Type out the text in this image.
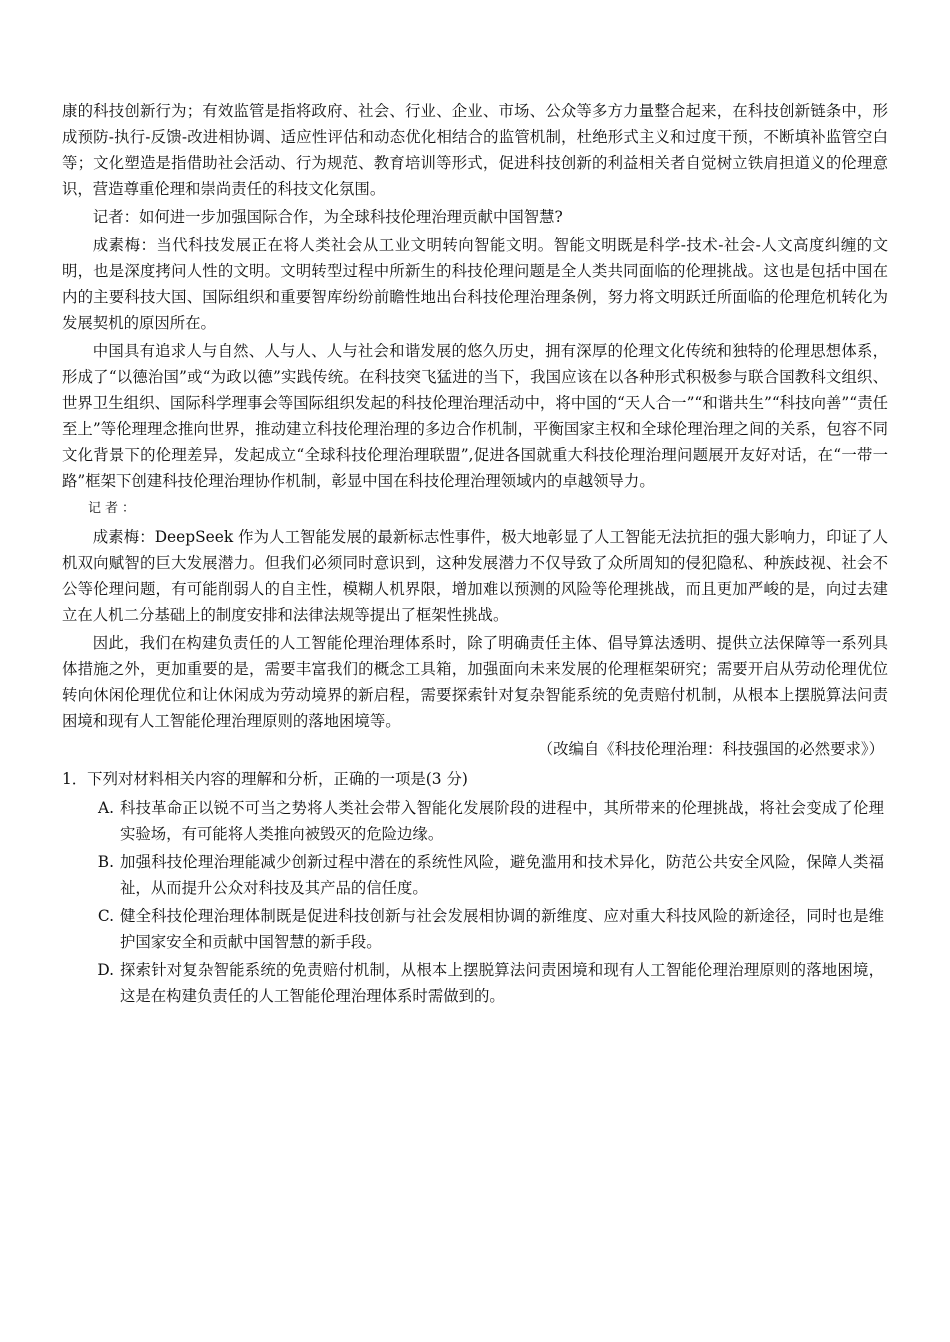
康的科技创新行为；有效监管是指将政府、社会、行业、企业、市场、公众等多方力量整合起来，在科技创新链条中，形成预防-执行-反馈-改进相协调、适应性评估和动态优化相结合的监管机制，杜绝形式主义和过度干预，不断填补监管空白等；文化塑造是指借助社会活动、行为规范、教育培训等形式，促进科技创新的利益相关者自觉树立铁肩担道义的伦理意识，营造尊重伦理和崇尚责任的科技文化氛围。

记者：如何进一步加强国际合作，为全球科技伦理治理贡献中国智慧?

成素梅：当代科技发展正在将人类社会从工业文明转向智能文明。智能文明既是科学-技术-社会-人文高度纠缠的文明，也是深度拷问人性的文明。文明转型过程中所新生的科技伦理问题是全人类共同面临的伦理挑战。这也是包括中国在内的主要科技大国、国际组织和重要智库纷纷前瞻性地出台科技伦理治理条例，努力将文明跃迁所面临的伦理危机转化为发展契机的原因所在。

中国具有追求人与自然、人与人、人与社会和谐发展的悠久历史，拥有深厚的伦理文化传统和独特的伦理思想体系，形成了“以德治国”或“为政以德”实践传统。在科技突飞猛进的当下，我国应该在以各种形式积极参与联合国教科文组织、世界卫生组织、国际科学理事会等国际组织发起的科技伦理治理活动中，将中国的“天人合一”“和谐共生”“科技向善”“责任至上”等伦理理念推向世界，推动建立科技伦理治理的多边合作机制，平衡国家主权和全球伦理治理之间的关系，包容不同文化背景下的伦理差异，发起成立“全球科技伦理治理联盟”,促进各国就重大科技伦理治理问题展开友好对话，在“一带一路”框架下创建科技伦理治理协作机制，彰显中国在科技伦理治理领域内的卓越领导力。

记者：

成素梅：DeepSeek 作为人工智能发展的最新标志性事件，极大地彰显了人工智能无法抗拒的强大影响力，印证了人机双向赋智的巨大发展潜力。但我们必须同时意识到，这种发展潜力不仅导致了众所周知的侵犯隐私、种族歧视、社会不公等伦理问题，有可能削弱人的自主性，模糊人机界限，增加难以预测的风险等伦理挑战，而且更加严峻的是，向过去建立在人机二分基础上的制度安排和法律法规等提出了框架性挑战。

因此，我们在构建负责任的人工智能伦理治理体系时，除了明确责任主体、倡导算法透明、提供立法保障等一系列具体措施之外，更加重要的是，需要丰富我们的概念工具箱，加强面向未来发展的伦理框架研究；需要开启从劳动伦理优位转向休闲伦理优位和让休闲成为劳动境界的新启程，需要探索针对复杂智能系统的免责赔付机制，从根本上摆脱算法问责困境和现有人工智能伦理治理原则的落地困境等。

（改编自《科技伦理治理：科技强国的必然要求》）

1．下列对材料相关内容的理解和分析，正确的一项是(3 分)

A. 科技革命正以锐不可当之势将人类社会带入智能化发展阶段的进程中，其所带来的伦理挑战，将社会变成了伦理实验场，有可能将人类推向被毁灭的危险边缘。
B. 加强科技伦理治理能减少创新过程中潜在的系统性风险，避免滥用和技术异化，防范公共安全风险，保障人类福祉，从而提升公众对科技及其产品的信任度。
C. 健全科技伦理治理体制既是促进科技创新与社会发展相协调的新维度、应对重大科技风险的新途径，同时也是维护国家安全和贡献中国智慧的新手段。
D. 探索针对复杂智能系统的免责赔付机制，从根本上摆脱算法问责困境和现有人工智能伦理治理原则的落地困境，这是在构建负责任的人工智能伦理治理体系时需做到的。
